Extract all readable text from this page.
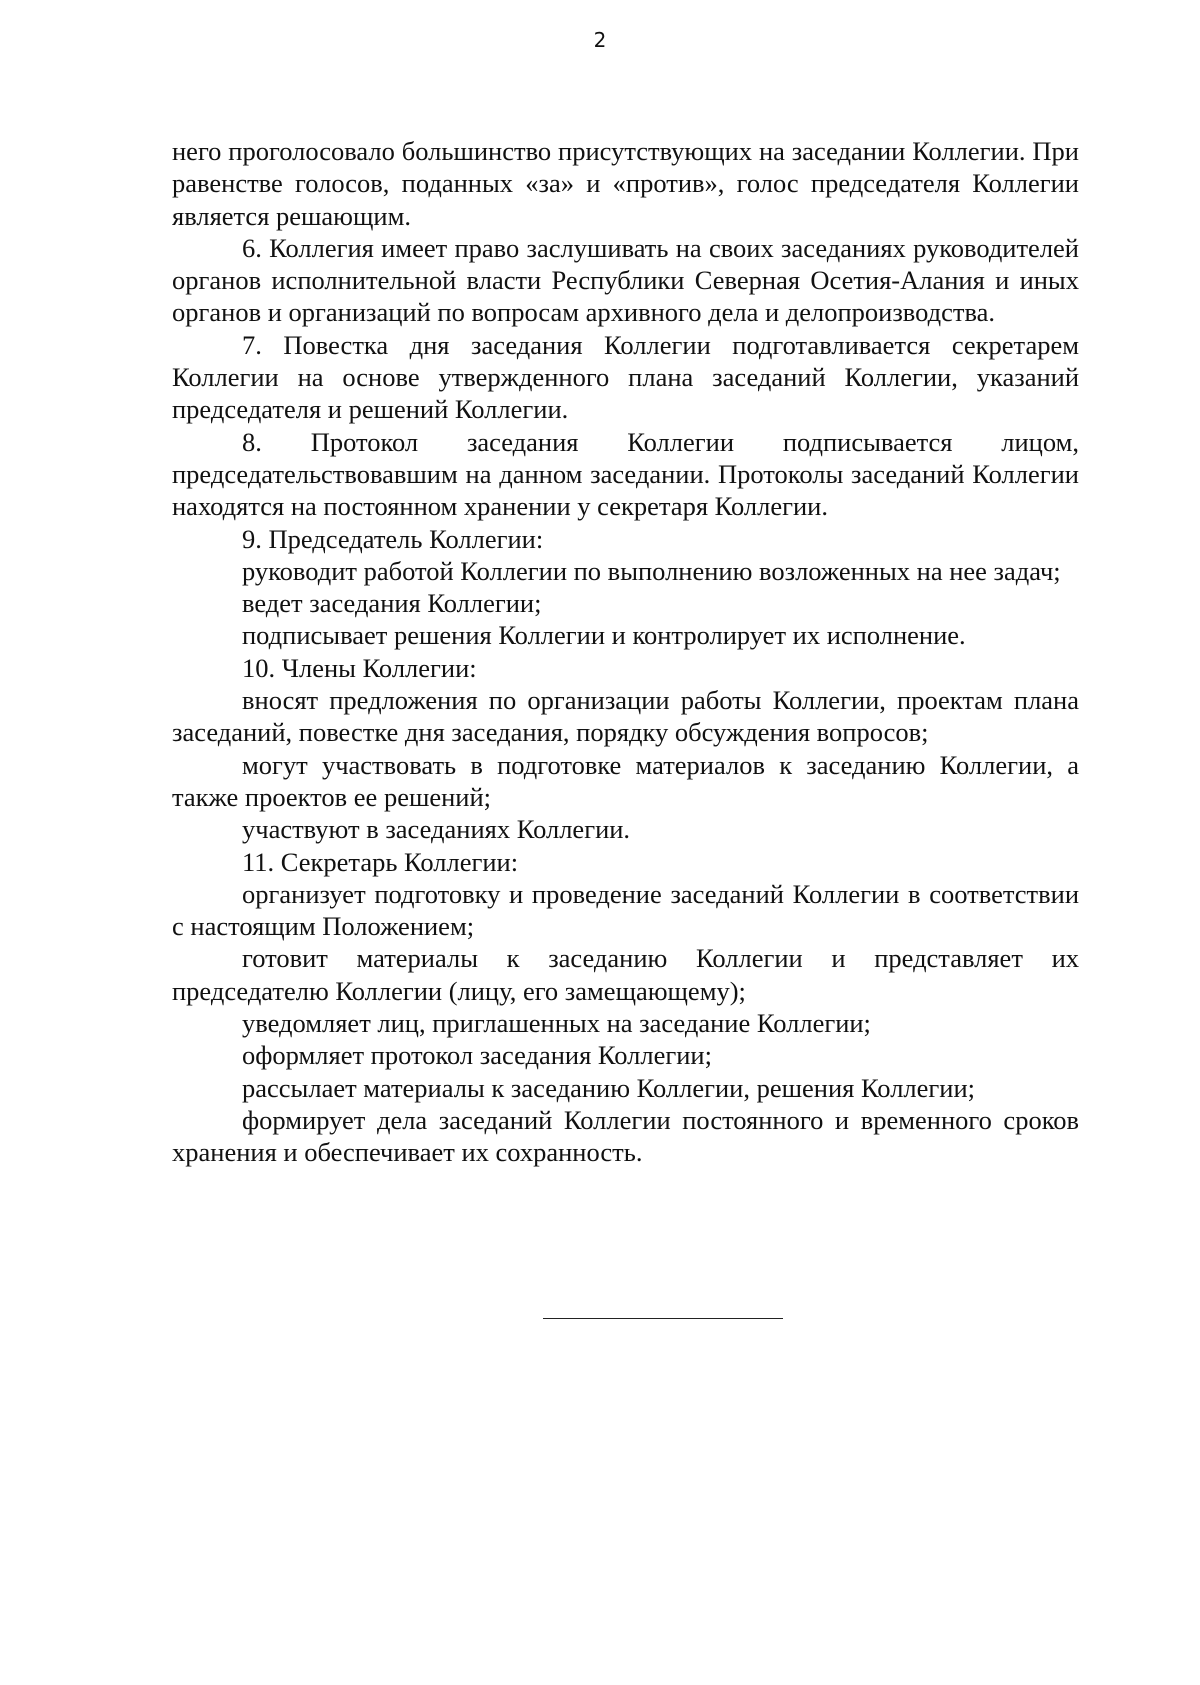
2

него проголосовало большинство присутствующих на заседании Коллегии. При равенстве голосов, поданных «за» и «против», голос председателя Коллегии является решающим.

6. Коллегия имеет право заслушивать на своих заседаниях руководителей органов исполнительной власти Республики Северная Осетия-Алания и иных органов и организаций по вопросам архивного дела и делопроизводства.

7. Повестка дня заседания Коллегии подготавливается секретарем Коллегии на основе утвержденного плана заседаний Коллегии, указаний председателя и решений Коллегии.

8. Протокол заседания Коллегии подписывается лицом, председательствовавшим на данном заседании. Протоколы заседаний Коллегии находятся на постоянном хранении у секретаря Коллегии.

9. Председатель Коллегии:

руководит работой Коллегии по выполнению возложенных на нее задач;

ведет заседания Коллегии;

подписывает решения Коллегии и контролирует их исполнение.

10. Члены Коллегии:

вносят предложения по организации работы Коллегии, проектам плана заседаний, повестке дня заседания, порядку обсуждения вопросов;

могут участвовать в подготовке материалов к заседанию Коллегии, а также проектов ее решений;

участвуют в заседаниях Коллегии.

11. Секретарь Коллегии:

организует подготовку и проведение заседаний Коллегии в соответствии с настоящим Положением;

готовит материалы к заседанию Коллегии и представляет их председателю Коллегии (лицу, его замещающему);

уведомляет лиц, приглашенных на заседание Коллегии;

оформляет протокол заседания Коллегии;

рассылает материалы к заседанию Коллегии, решения Коллегии;

формирует дела заседаний Коллегии постоянного и временного сроков хранения и обеспечивает их сохранность.
